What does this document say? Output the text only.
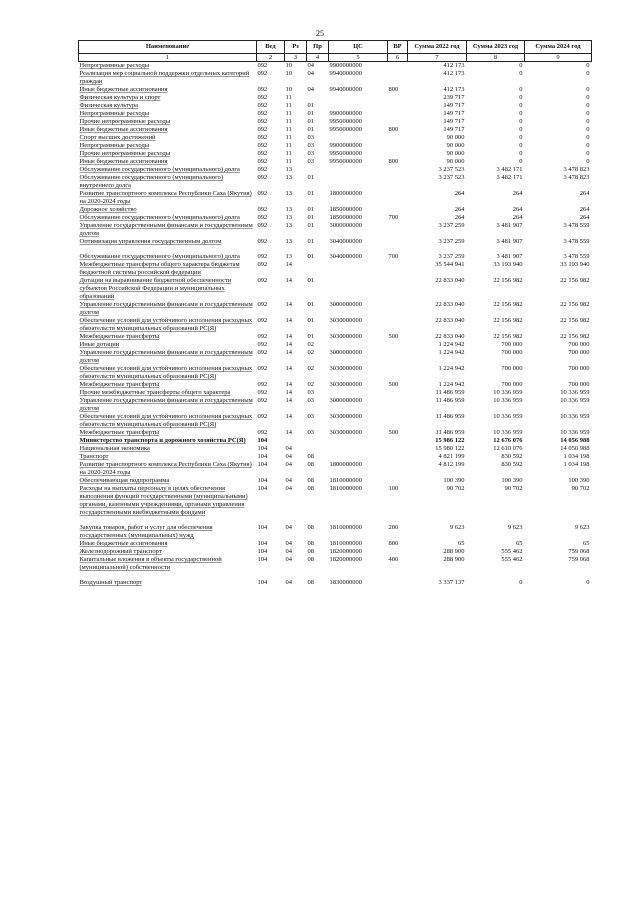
25
Наименование	Вед	Рз	Пр	ЦС	ВР	Сумма 2022 год	Сумма 2023 год	Сумма 2024 год
1	2	3	4	5	6	7	8	9
Непрограммные расходы	092	10	04	9900000000		412 173	0	0
Реализация мер социальной поддержки отдельных категорий граждан	092	10	04	9940000000		412 173	0	0
Иные бюджетные ассигнования	092	10	04	9940000000	800	412 173	0	0
Физическая культура и спорт	092	11				239 717	0	0
Физическая культура	092	11	01			149 717	0	0
Непрограммные расходы	092	11	01	9900000000		149 717	0	0
Прочие непрограммные расходы	092	11	01	9950000000		149 717	0	0
Иные бюджетные ассигнования	092	11	01	9950000000	800	149 717	0	0
Спорт высших достижений	092	11	03			90 000	0	0
Непрограммные расходы	092	11	03	9900000000		90 000	0	0
Прочие непрограммные расходы	092	11	03	9950000000		90 000	0	0
Иные бюджетные ассигнования	092	11	03	9950000000	800	90 000	0	0
Обслуживание государственного (муниципального) долга	092	13				3 237 523	3 482 171	3 478 823
Обслуживание государственного (муниципального) внутреннего долга	092	13	01			3 237 523	3 482 171	3 478 823
Развитие транспортного комплекса Республики Саха (Якутия) на 2020-2024 годы	092	13	01	1800000000		264	264	264
Дорожное хозяйство	092	13	01	1850000000		264	264	264
Обслуживание государственного (муниципального) долга	092	13	01	1850000000	700	264	264	264
Управление государственными финансами и государственным долгом	092	13	01	3000000000		3 237 259	3 481 907	3 478 559
Оптимизация управления государственным долгом	092	13	01	3040000000		3 237 259	3 481 907	3 478 559
Обслуживание государственного (муниципального) долга	092	13	01	3040000000	700	3 237 259	3 481 907	3 478 559
Межбюджетные трансферты общего характера бюджетам бюджетной системы российской федерации	092	14				35 544 941	33 193 940	33 193 940
Дотации на выравнивание бюджетной обеспеченности субъектов Российской Федерации и муниципальных образований	092	14	01			22 833 040	22 156 982	22 156 982
Управление государственными финансами и государственным долгом	092	14	01	3000000000		22 833 040	22 156 982	22 156 982
Обеспечение условий для устойчивого исполнения расходных обязательств муниципальных образований РС(Я)	092	14	01	3030000000		22 833 040	22 156 982	22 156 982
Межбюджетные трансферты	092	14	01	3030000000	500	22 833 040	22 156 982	22 156 982
Иные дотации	092	14	02			1 224 942	700 000	700 000
Управление государственными финансами и государственным долгом	092	14	02	3000000000		1 224 942	700 000	700 000
Обеспечение условий для устойчивого исполнения расходных обязательств муниципальных образований РС(Я)	092	14	02	3030000000		1 224 942	700 000	700 000
Межбюджетные трансферты	092	14	02	3030000000	500	1 224 942	700 000	700 000
Прочие межбюджетные трансферты общего характера	092	14	03			11 486 959	10 336 959	10 336 959
Управление государственными финансами и государственным долгом	092	14	03	3000000000		11 486 959	10 336 959	10 336 959
Обеспечение условий для устойчивого исполнения расходных обязательств муниципальных образований РС(Я)	092	14	03	3030000000		11 486 959	10 336 959	10 336 959
Межбюджетные трансферты	092	14	03	3030000000	500	11 486 959	10 336 959	10 336 959
Министерство транспорта и дорожного хозяйства РС(Я)	104					15 986 122	12 676 076	14 056 988
Национальная экономика	104	04				15 980 122	12 610 076	14 050 988
Транспорт	104	04	08			4 821 199	830 592	1 034 198
Развитие транспортного комплекса Республики Саха (Якутия) на 2020-2024 годы	104	04	08	1800000000		4 812 199	830 592	1 034 198
Обеспечивающая подпрограмма	104	04	08	1810000000		100 390	100 390	100 390
Расходы на выплаты персоналу в целях обеспечения выполнения функций государственными (муниципальными) органами, казенными учреждениями, органами управления государственными внебюджетными фондами	104	04	08	1810000000	100	90 702	90 702	90 702
Закупка товаров, работ и услуг для обеспечения государственных (муниципальных) нужд	104	04	08	1810000000	200	9 623	9 623	9 623
Иные бюджетные ассигнования	104	04	08	1810000000	800	65	65	65
Железнодорожный транспорт	104	04	08	1820000000		288 900	555 462	759 068
Капитальные вложения в объекты государственной (муниципальной) собственности	104	04	08	1820000000	400	288 900	555 462	759 068
Воздушный транспорт	104	04	08	1830000000		3 337 137	0	0
